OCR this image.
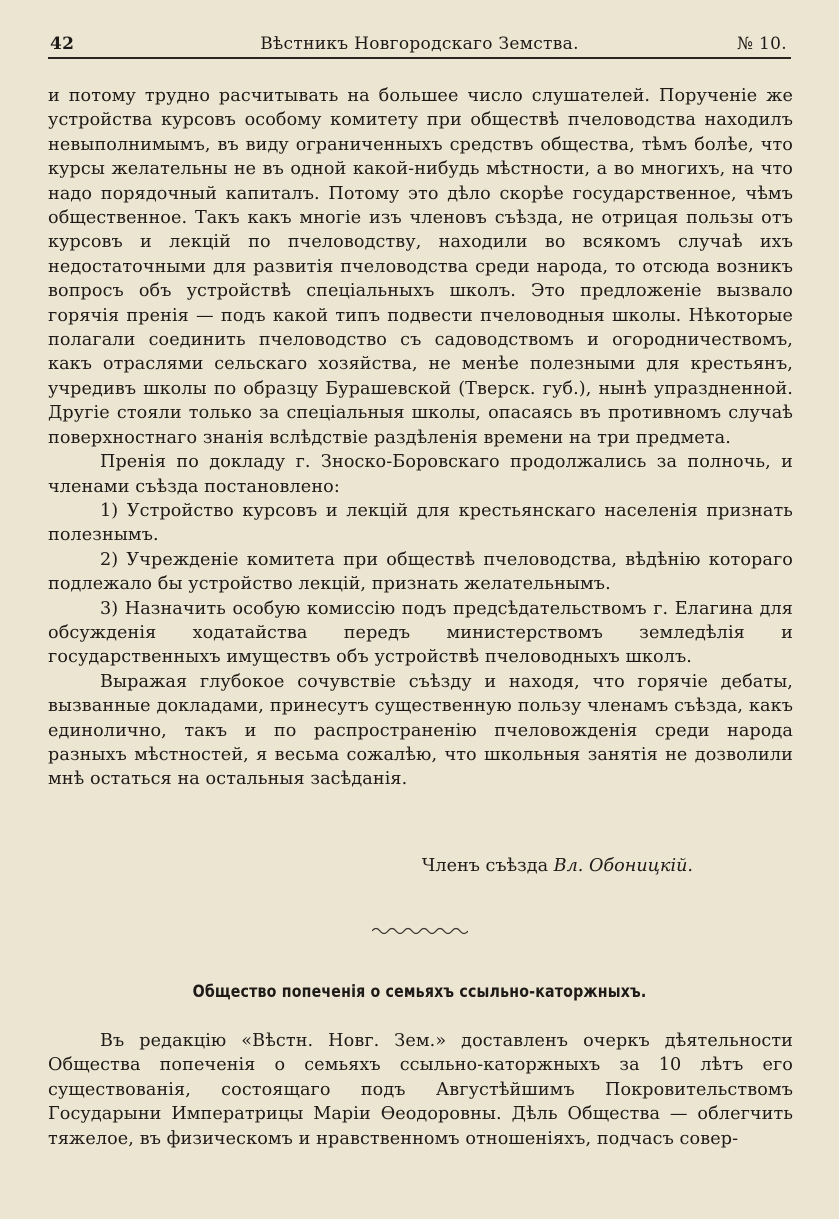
42	Вѣстникъ Новгородскаго Земства.	№ 10.

и потому трудно расчитывать на большее число слушателей. Порученіе же устройства курсовъ особому комитету при обществѣ пчеловодства находилъ невыполнимымъ, въ виду ограниченныхъ средствъ общества, тѣмъ болѣе, что курсы желательны не въ одной какой-нибудь мѣстности, а во многихъ, на что надо порядочный капиталъ. Потому это дѣло скорѣе государственное, чѣмъ общественное. Такъ какъ многіе изъ членовъ съѣзда, не отрицая пользы отъ курсовъ и лекцій по пчеловодству, находили во всякомъ случаѣ ихъ недостаточными для развитія пчеловодства среди народа, то отсюда возникъ вопросъ объ устройствѣ спеціальныхъ школъ. Это предложеніе вызвало горячія пренія — подъ какой типъ подвести пчеловодныя школы. Нѣкоторые полагали соединить пчеловодство съ садоводствомъ и огородничествомъ, какъ отраслями сельскаго хозяйства, не менѣе полезными для крестьянъ, учредивъ школы по образцу Бурашевской (Тверск. губ.), нынѣ упраздненной. Другіе стояли только за спеціальныя школы, опасаясь въ противномъ случаѣ поверхностнаго знанія вслѣдствіе раздѣленія времени на три предмета.

Пренія по докладу г. Зноско-Боровскаго продолжались за полночь, и членами съѣзда постановлено:

1) Устройство курсовъ и лекцій для крестьянскаго населенія признать полезнымъ.

2) Учрежденіе комитета при обществѣ пчеловодства, вѣдѣнію котораго подлежало бы устройство лекцій, признать желательнымъ.

3) Назначить особую комиссію подъ предсѣдательствомъ г. Елагина для обсужденія ходатайства передъ министерствомъ земледѣлія и государственныхъ имуществъ объ устройствѣ пчеловодныхъ школъ.

Выражая глубокое сочувствіе съѣзду и находя, что горячіе дебаты, вызванные докладами, принесутъ существенную пользу членамъ съѣзда, какъ единолично, такъ и по распространенію пчеловожденія среди народа разныхъ мѣстностей, я весьма сожалѣю, что школьныя занятія не дозволили мнѣ остаться на остальныя засѣданія.

Членъ съѣзда Вл. Обоницкій.
Общество попеченія о семьяхъ ссыльно-каторжныхъ.

Въ редакцію «Вѣстн. Новг. Зем.» доставленъ очеркъ дѣятельности Общества попеченія о семьяхъ ссыльно-каторжныхъ за 10 лѣтъ его существованія, состоящаго подъ Августѣйшимъ Покровительствомъ Государыни Императрицы Маріи Ѳеодоровны. Дѣль Общества — облегчить тяжелое, въ физическомъ и нравственномъ отношеніяхъ, подчасъ совер-
